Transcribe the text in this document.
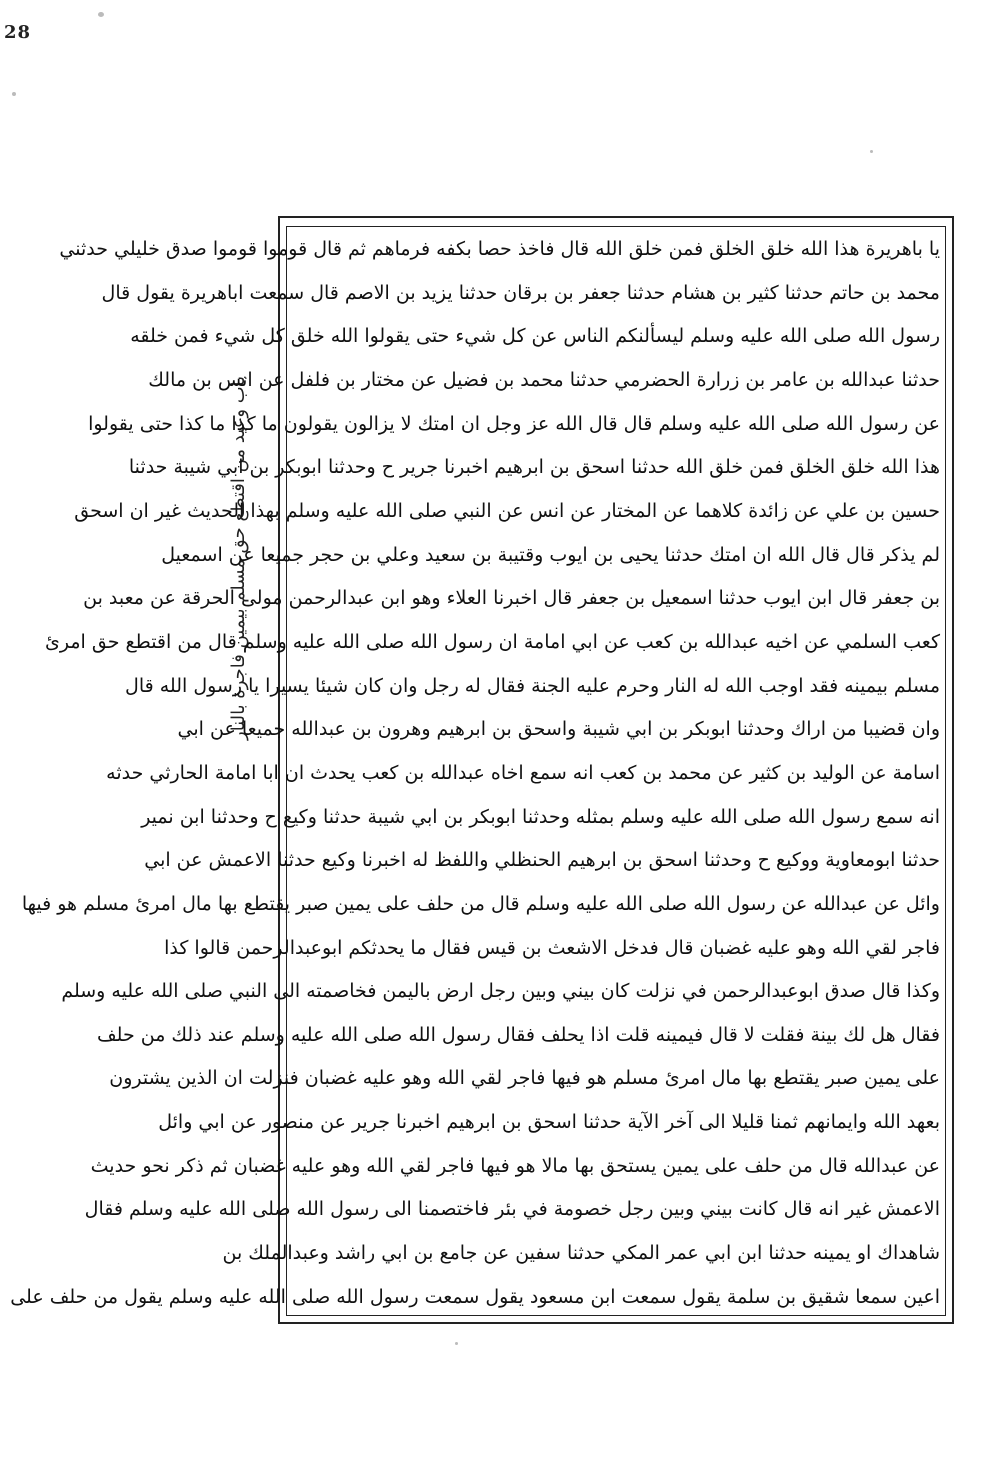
28
باب وعيد من اقتطع حق مسلم بيمين فاجرة بالنار
يا باهريرة هذا الله خلق الخلق فمن خلق الله قال فاخذ حصا بكفه فرماهم ثم قال قوموا قوموا صدق خليلي حدثني
محمد بن حاتم حدثنا كثير بن هشام حدثنا جعفر بن برقان حدثنا يزيد بن الاصم قال سمعت اباهريرة يقول قال
رسول الله صلى الله عليه وسلم ليسألنكم الناس عن كل شيء حتى يقولوا الله خلق كل شيء فمن خلقه
حدثنا عبدالله بن عامر بن زرارة الحضرمي حدثنا محمد بن فضيل عن مختار بن فلفل عن انس بن مالك
عن رسول الله صلى الله عليه وسلم قال قال الله عز وجل ان امتك لا يزالون يقولون ما كذا ما كذا حتى يقولوا
هذا الله خلق الخلق فمن خلق الله حدثنا اسحق بن ابرهيم اخبرنا جرير ح وحدثنا ابوبكر بن ابي شيبة حدثنا
حسين بن علي عن زائدة كلاهما عن المختار عن انس عن النبي صلى الله عليه وسلم بهذا الحديث غير ان اسحق
لم يذكر قال قال الله ان امتك حدثنا يحيى بن ايوب وقتيبة بن سعيد وعلي بن حجر جميعا عن اسمعيل
بن جعفر قال ابن ايوب حدثنا اسمعيل بن جعفر قال اخبرنا العلاء وهو ابن عبدالرحمن مولى الحرقة عن معبد بن
كعب السلمي عن اخيه عبدالله بن كعب عن ابي امامة ان رسول الله صلى الله عليه وسلم قال من اقتطع حق امرئ
مسلم بيمينه فقد اوجب الله له النار وحرم عليه الجنة فقال له رجل وان كان شيئا يسيرا يا رسول الله قال
وان قضيبا من اراك وحدثنا ابوبكر بن ابي شيبة واسحق بن ابرهيم وهرون بن عبدالله جميعا عن ابي
اسامة عن الوليد بن كثير عن محمد بن كعب انه سمع اخاه عبدالله بن كعب يحدث ان ابا امامة الحارثي حدثه
انه سمع رسول الله صلى الله عليه وسلم بمثله وحدثنا ابوبكر بن ابي شيبة حدثنا وكيع ح وحدثنا ابن نمير
حدثنا ابومعاوية ووكيع ح وحدثنا اسحق بن ابرهيم الحنظلي واللفظ له اخبرنا وكيع حدثنا الاعمش عن ابي
وائل عن عبدالله عن رسول الله صلى الله عليه وسلم قال من حلف على يمين صبر يقتطع بها مال امرئ مسلم هو فيها
فاجر لقي الله وهو عليه غضبان قال فدخل الاشعث بن قيس فقال ما يحدثكم ابوعبدالرحمن قالوا كذا
وكذا قال صدق ابوعبدالرحمن في نزلت كان بيني وبين رجل ارض باليمن فخاصمته الى النبي صلى الله عليه وسلم
فقال هل لك بينة فقلت لا قال فيمينه قلت اذا يحلف فقال رسول الله صلى الله عليه وسلم عند ذلك من حلف
على يمين صبر يقتطع بها مال امرئ مسلم هو فيها فاجر لقي الله وهو عليه غضبان فنزلت ان الذين يشترون
بعهد الله وايمانهم ثمنا قليلا الى آخر الآية حدثنا اسحق بن ابرهيم اخبرنا جرير عن منصور عن ابي وائل
عن عبدالله قال من حلف على يمين يستحق بها مالا هو فيها فاجر لقي الله وهو عليه غضبان ثم ذكر نحو حديث
الاعمش غير انه قال كانت بيني وبين رجل خصومة في بئر فاختصمنا الى رسول الله صلى الله عليه وسلم فقال
شاهداك او يمينه حدثنا ابن ابي عمر المكي حدثنا سفين عن جامع بن ابي راشد وعبدالملك بن
اعين سمعا شقيق بن سلمة يقول سمعت ابن مسعود يقول سمعت رسول الله صلى الله عليه وسلم يقول من حلف على
